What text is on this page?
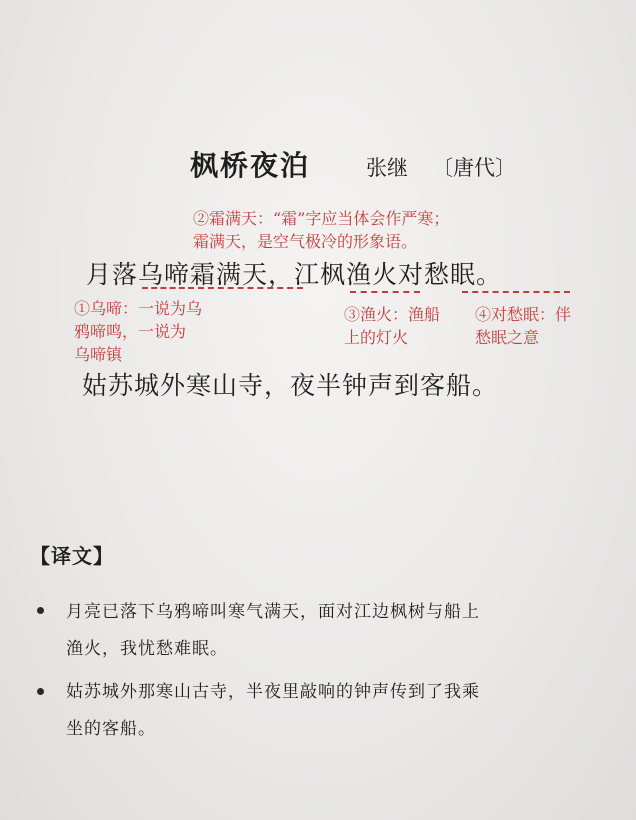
枫桥夜泊	张继 〔唐代〕
②霜满天：“霜”字应当体会作严寒；
霜满天，是空气极冷的形象语。
月落乌啼霜满天，江枫渔火对愁眠。
①乌啼：一说为乌
鸦啼鸣，一说为
乌啼镇
③渔火：渔船
上的灯火
④对愁眠：伴
愁眠之意
姑苏城外寒山寺，夜半钟声到客船。
【译文】
月亮已落下乌鸦啼叫寒气满天，面对江边枫树与船上
渔火，我忧愁难眠。
姑苏城外那寒山古寺，半夜里敲响的钟声传到了我乘
坐的客船。
